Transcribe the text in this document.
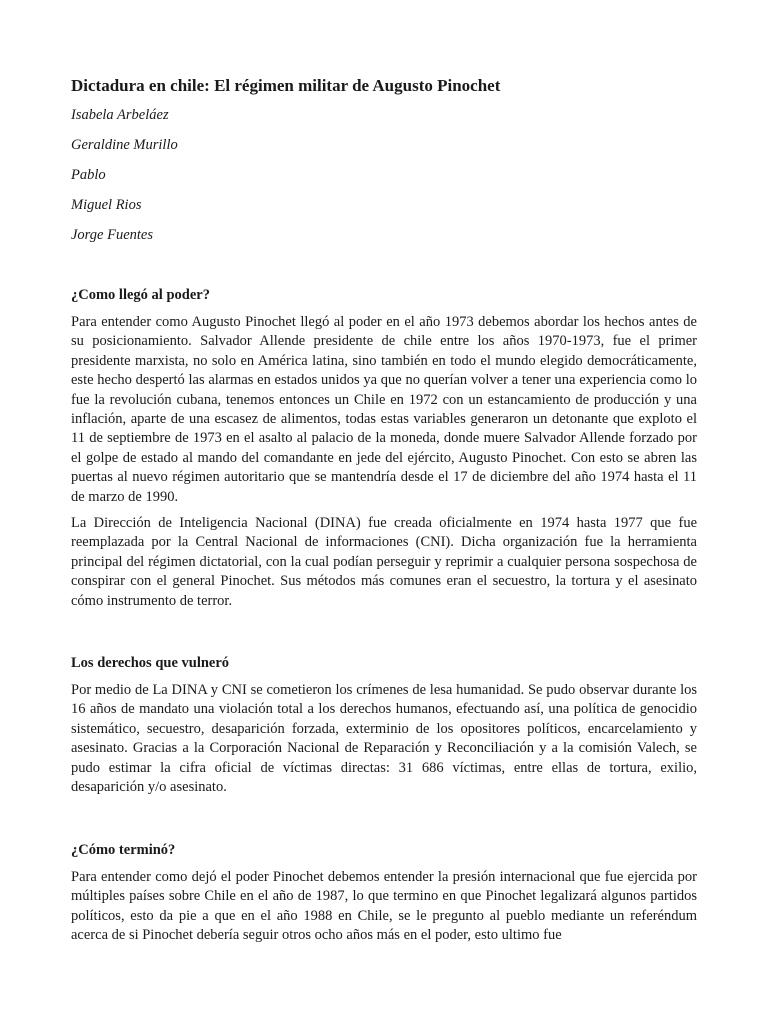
Dictadura en chile: El régimen militar de Augusto Pinochet
Isabela Arbeláez
Geraldine Murillo
Pablo
Miguel Rios
Jorge Fuentes
¿Como llegó al poder?

Para entender como Augusto Pinochet llegó al poder en el año 1973 debemos abordar los hechos antes de su posicionamiento. Salvador Allende presidente de chile entre los años 1970-1973, fue el primer presidente marxista, no solo en América latina, sino también en todo el mundo elegido democráticamente, este hecho despertó las alarmas en estados unidos ya que no querían volver a tener una experiencia como lo fue la revolución cubana, tenemos entonces un Chile en 1972 con un estancamiento de producción y una inflación, aparte de una escasez de alimentos, todas estas variables generaron un detonante que exploto el 11 de septiembre de 1973 en el asalto al palacio de la moneda, donde muere Salvador Allende forzado por el golpe de estado al mando del comandante en jede del ejército, Augusto Pinochet. Con esto se abren las puertas al nuevo régimen autoritario que se mantendría desde el 17 de diciembre del año 1974 hasta el 11 de marzo de 1990.

La Dirección de Inteligencia Nacional (DINA) fue creada oficialmente en 1974 hasta 1977 que fue reemplazada por la Central Nacional de informaciones (CNI). Dicha organización fue la herramienta principal del régimen dictatorial, con la cual podían perseguir y reprimir a cualquier persona sospechosa de conspirar con el general Pinochet. Sus métodos más comunes eran el secuestro, la tortura y el asesinato cómo instrumento de terror.

Los derechos que vulneró

Por medio de La DINA y CNI se cometieron los crímenes de lesa humanidad. Se pudo observar durante los 16 años de mandato una violación total a los derechos humanos, efectuando así, una política de genocidio sistemático, secuestro, desaparición forzada, exterminio de los opositores políticos, encarcelamiento y asesinato. Gracias a la Corporación Nacional de Reparación y Reconciliación y a la comisión Valech, se pudo estimar la cifra oficial de víctimas directas: 31 686 víctimas, entre ellas de tortura, exilio, desaparición y/o asesinato.

¿Cómo terminó?

Para entender como dejó el poder Pinochet debemos entender la presión internacional que fue ejercida por múltiples países sobre Chile en el año de 1987, lo que termino en que Pinochet legalizará algunos partidos políticos, esto da pie a que en el año 1988 en Chile, se le pregunto al pueblo mediante un referéndum acerca de si Pinochet debería seguir otros ocho años más en el poder, esto ultimo fue
